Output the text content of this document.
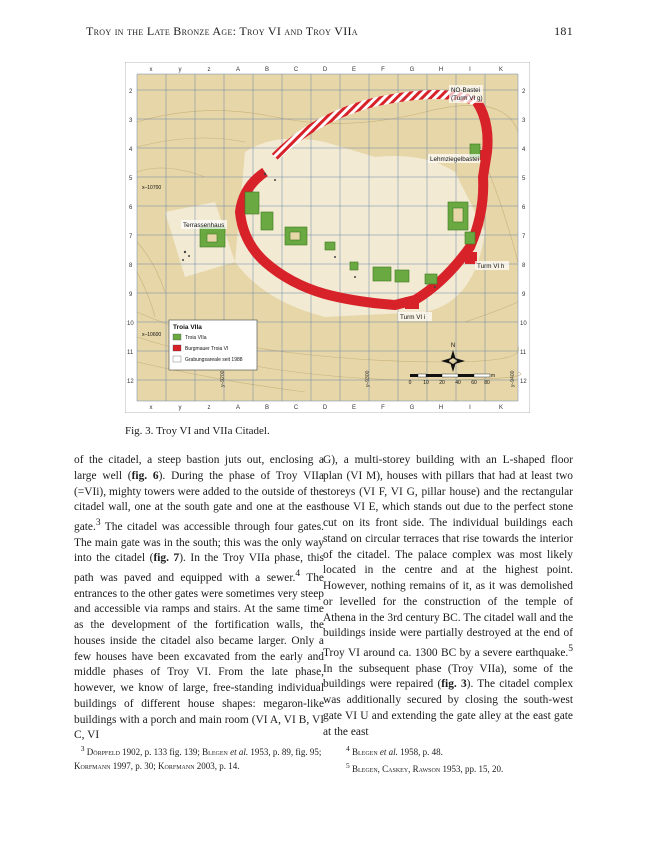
Troy in the Late Bronze Age: Troy VI and Troy VIIa	181
x	y	z	A	B	C	D	E	F	G	H	I	K
x	y	z	A	B	C	D	E	F	G	H	I	K
2
3
4
5
6
7
8
9
10
11
12
2
3
4
5
6
7
8
9
10
11
12
NO-Bastei
(Turm VI g)
Lehmziegelbastei
Terrassenhaus
Turm VI h
Turm VI i
x–10700
x–10600
y–9200	y–9300	y–9400
Troia VIIa
Troia VIIa
Burgmauer Troia VI
Grabungsareale seit 1988
N
0 10 20 40 60 80
m
Fig. 3. Troy VI and VIIa Citadel.

of the citadel, a steep bastion juts out, enclosing a large well (fig. 6). During the phase of Troy VIIa (=VIi), mighty towers were added to the outside of the citadel wall, one at the south gate and one at the east gate.$^3$ The citadel was accessible through four gates. The main gate was in the south; this was the only way into the citadel (fig. 7). In the Troy VIIa phase, this path was paved and equipped with a sewer.$^4$ The entrances to the other gates were sometimes very steep and accessible via ramps and stairs. At the same time as the development of the fortification walls, the houses inside the citadel also became larger. Only a few houses have been excavated from the early and middle phases of Troy VI. From the late phase, however, we know of large, free-standing individual buildings of different house shapes: megaron-like buildings with a porch and main room (VI A, VI B, VI C, VI

G), a multi-storey building with an L-shaped floor plan (VI M), houses with pillars that had at least two storeys (VI F, VI G, pillar house) and the rectangular house VI E, which stands out due to the perfect stone cut on its front side. The individual buildings each stand on circular terraces that rise towards the interior of the citadel. The palace complex was most likely located in the centre and at the highest point. However, nothing remains of it, as it was demolished or levelled for the construction of the temple of Athena in the 3rd century BC. The citadel wall and the buildings inside were partially destroyed at the end of Troy VI around ca. 1300 BC by a severe earthquake.$^5$ In the subsequent phase (Troy VIIa), some of the buildings were repaired (fig. 3). The citadel complex was additionally secured by closing the south-west gate VI U and extending the gate alley at the east gate at the east

$^3$ Dörpfeld 1902, p. 133 fig. 139; Blegen et al. 1953, p. 89, fig. 95; Korfmann 1997, p. 30; Korfmann 2003, p. 14.
$^4$ Blegen et al. 1958, p. 48.
$^5$ Blegen, Caskey, Rawson 1953, pp. 15, 20.
